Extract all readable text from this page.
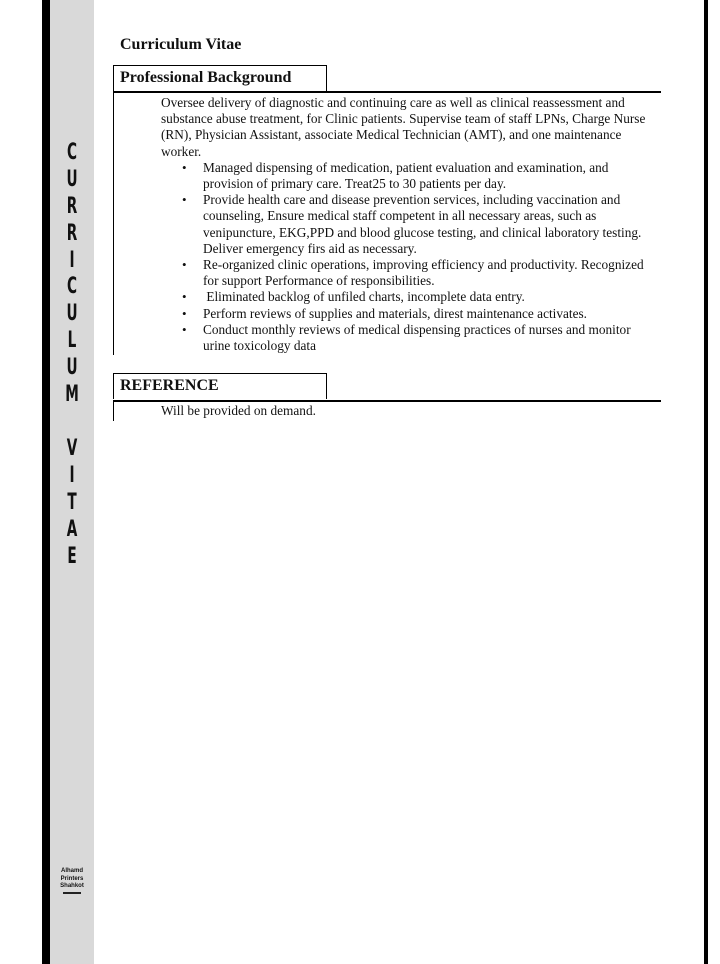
C
U
R
R
I
C
U
L
U
M
V
I
T
A
E
Alhamd
Printers
Shahkot
Curriculum Vitae
Professional Background

Oversee delivery of diagnostic and continuing care as well as clinical reassessment and substance abuse treatment, for Clinic patients. Supervise team of staff LPNs, Charge Nurse (RN), Physician Assistant, associate Medical Technician (AMT), and one maintenance worker.

• Managed dispensing of medication, patient evaluation and examination, and provision of primary care. Treat25 to 30 patients per day.
• Provide health care and disease prevention services, including vaccination and counseling, Ensure medical staff competent in all necessary areas, such as venipuncture, EKG,PPD and blood glucose testing, and clinical laboratory testing. Deliver emergency firs aid as necessary.
• Re-organized clinic operations, improving efficiency and productivity. Recognized for support Performance of responsibilities.
•  Eliminated backlog of unfiled charts, incomplete data entry.
• Perform reviews of supplies and materials, direst maintenance activates.
• Conduct monthly reviews of medical dispensing practices of nurses and monitor urine toxicology data
REFERENCE
Will be provided on demand.
